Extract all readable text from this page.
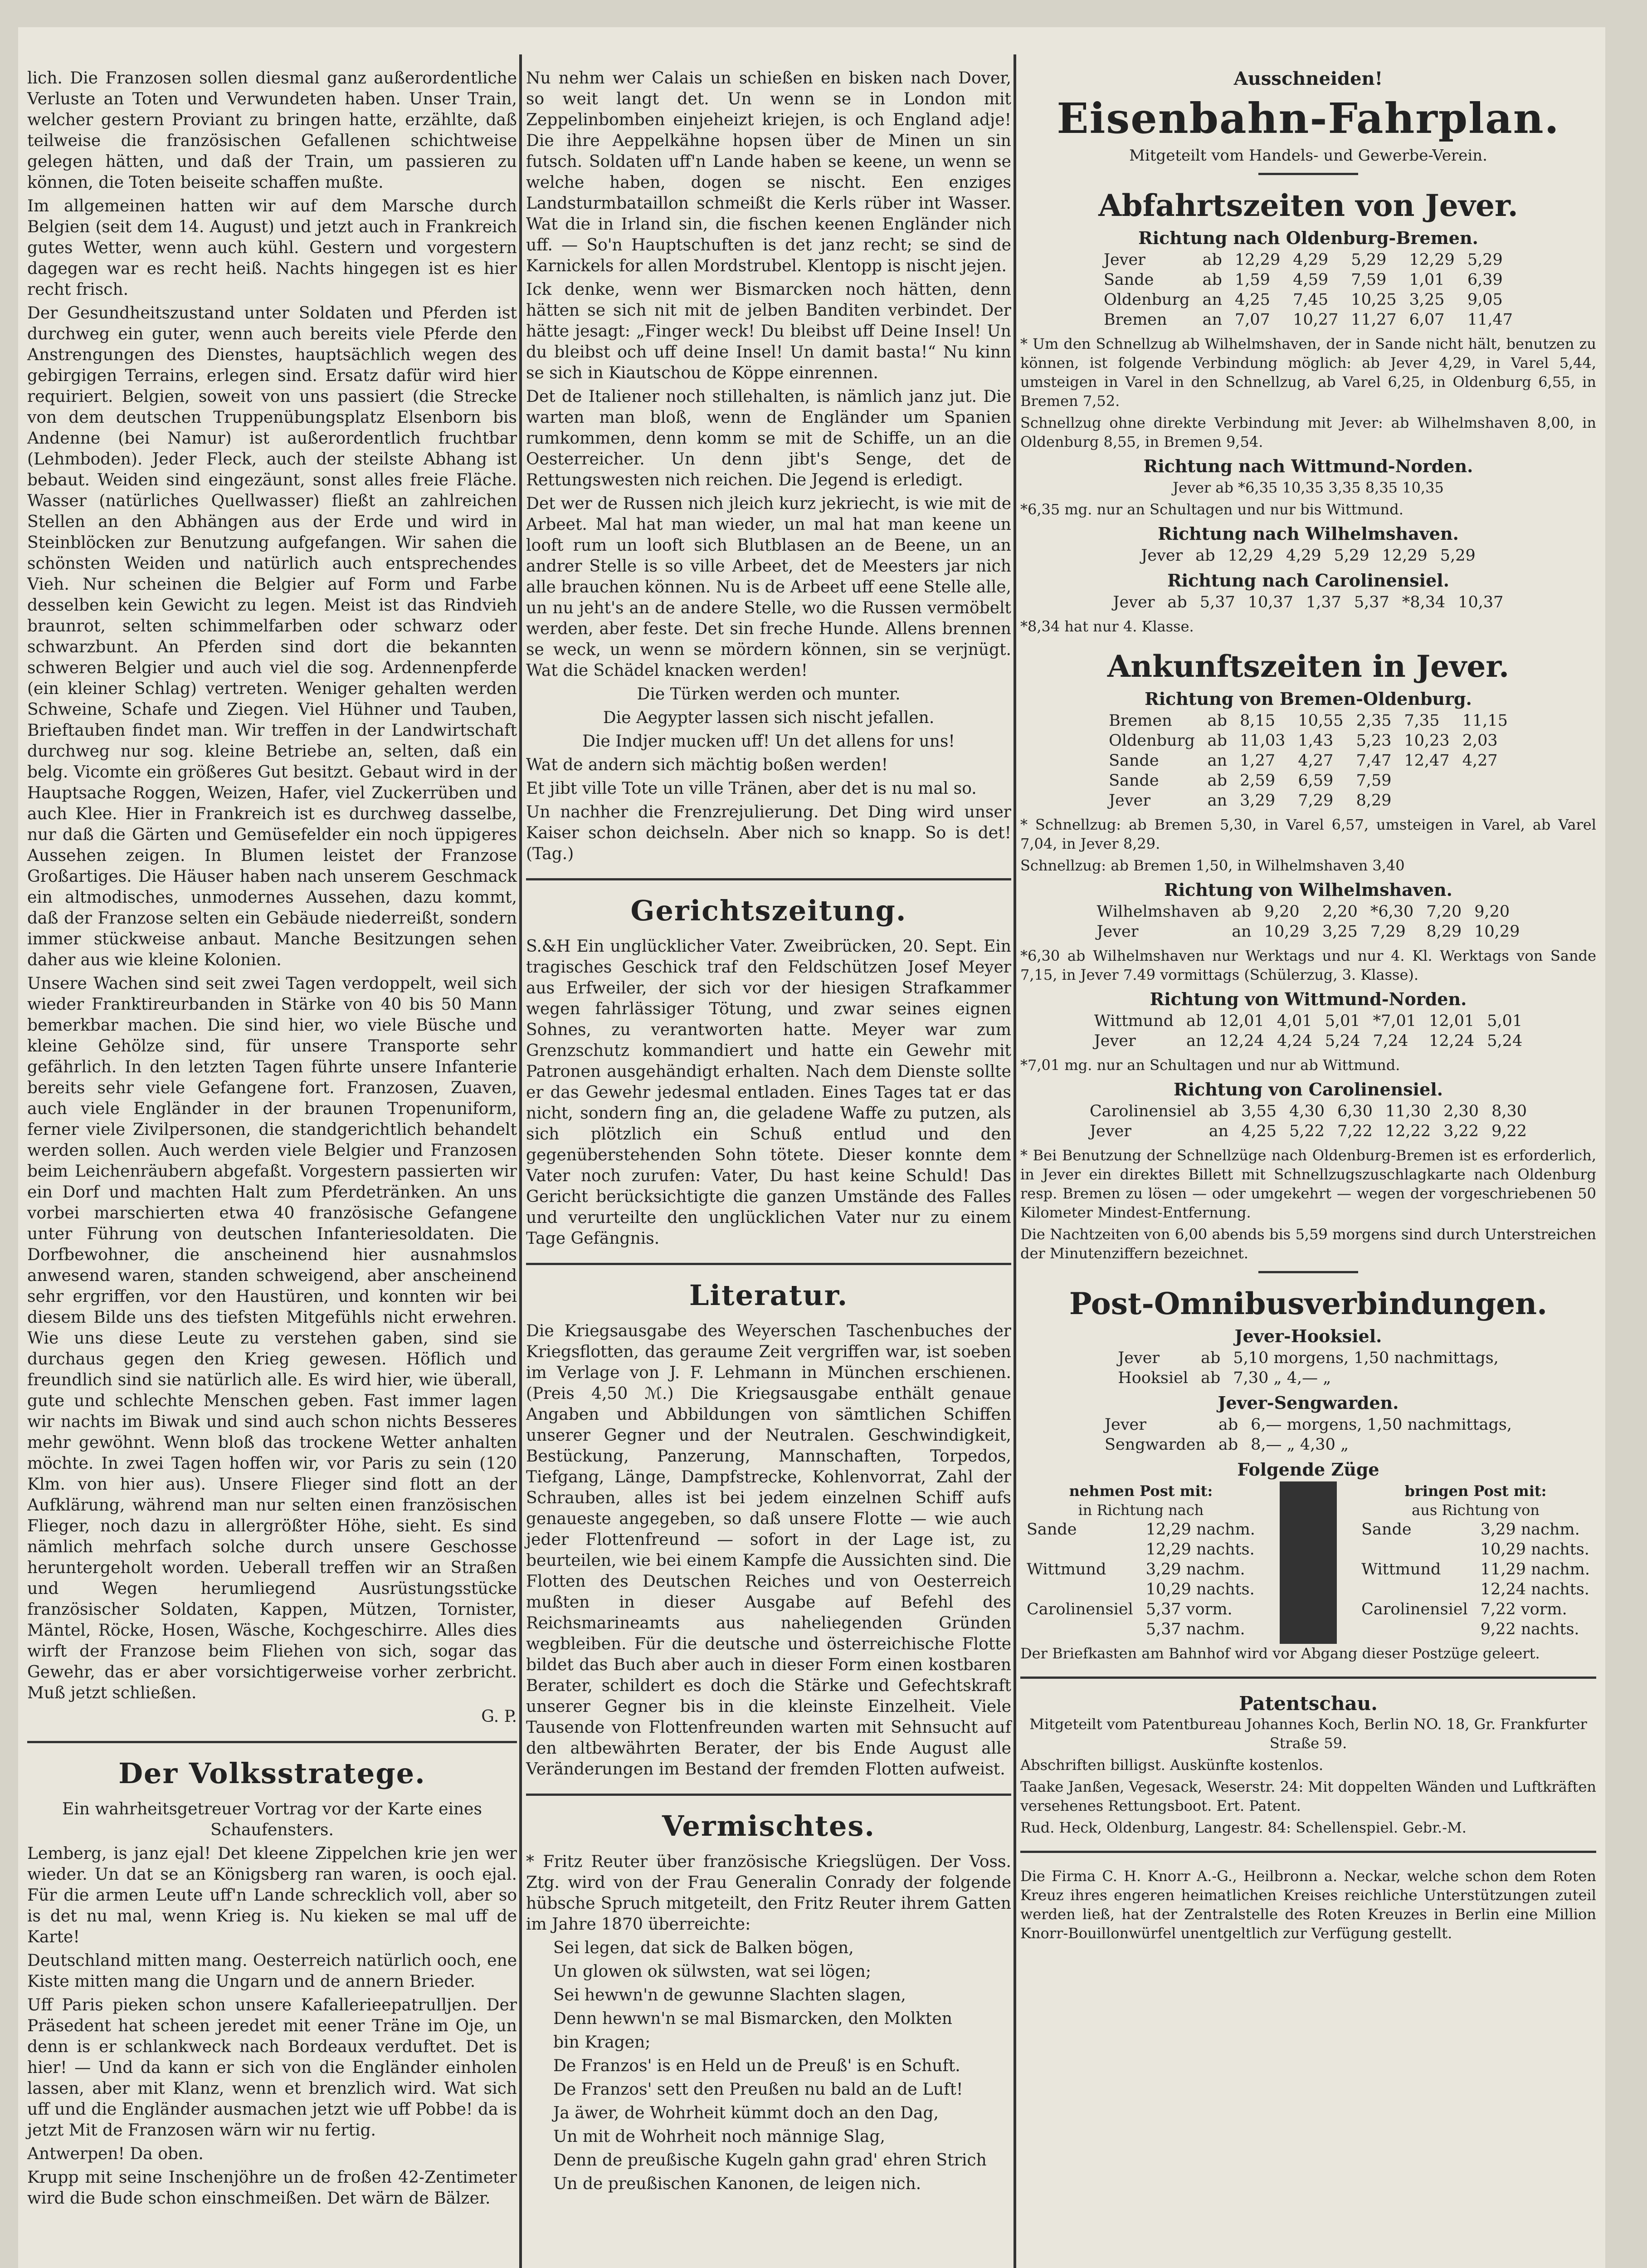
lich. Die Franzosen sollen diesmal ganz außerordentliche Verluste an Toten und Verwundeten haben. Unser Train, welcher gestern Proviant zu bringen hatte, erzählte, daß teilweise die französischen Gefallenen schichtweise gelegen hätten, und daß der Train, um passieren zu können, die Toten beiseite schaffen mußte.

Im allgemeinen hatten wir auf dem Marsche durch Belgien (seit dem 14. August) und jetzt auch in Frankreich gutes Wetter, wenn auch kühl. Gestern und vorgestern dagegen war es recht heiß. Nachts hingegen ist es hier recht frisch.

Der Gesundheitszustand unter Soldaten und Pferden ist durchweg ein guter, wenn auch bereits viele Pferde den Anstrengungen des Dienstes, hauptsächlich wegen des gebirgigen Terrains, erlegen sind. Ersatz dafür wird hier requiriert. Belgien, soweit von uns passiert (die Strecke von dem deutschen Truppenübungsplatz Elsenborn bis Andenne (bei Namur) ist außerordentlich fruchtbar (Lehmboden). Jeder Fleck, auch der steilste Abhang ist bebaut. Weiden sind eingezäunt, sonst alles freie Fläche. Wasser (natürliches Quellwasser) fließt an zahlreichen Stellen an den Abhängen aus der Erde und wird in Steinblöcken zur Benutzung aufgefangen. Wir sahen die schönsten Weiden und natürlich auch entsprechendes Vieh. Nur scheinen die Belgier auf Form und Farbe desselben kein Gewicht zu legen. Meist ist das Rindvieh braunrot, selten schimmelfarben oder schwarz oder schwarzbunt. An Pferden sind dort die bekannten schweren Belgier und auch viel die sog. Ardennenpferde (ein kleiner Schlag) vertreten. Weniger gehalten werden Schweine, Schafe und Ziegen. Viel Hühner und Tauben, Brieftauben findet man. Wir treffen in der Landwirtschaft durchweg nur sog. kleine Betriebe an, selten, daß ein belg. Vicomte ein größeres Gut besitzt. Gebaut wird in der Hauptsache Roggen, Weizen, Hafer, viel Zuckerrüben und auch Klee. Hier in Frankreich ist es durchweg dasselbe, nur daß die Gärten und Gemüsefelder ein noch üppigeres Aussehen zeigen. In Blumen leistet der Franzose Großartiges. Die Häuser haben nach unserem Geschmack ein altmodisches, unmodernes Aussehen, dazu kommt, daß der Franzose selten ein Gebäude niederreißt, sondern immer stückweise anbaut. Manche Besitzungen sehen daher aus wie kleine Kolonien.

Unsere Wachen sind seit zwei Tagen verdoppelt, weil sich wieder Franktireurbanden in Stärke von 40 bis 50 Mann bemerkbar machen. Die sind hier, wo viele Büsche und kleine Gehölze sind, für unsere Transporte sehr gefährlich. In den letzten Tagen führte unsere Infanterie bereits sehr viele Gefangene fort. Franzosen, Zuaven, auch viele Engländer in der braunen Tropenuniform, ferner viele Zivilpersonen, die standgerichtlich behandelt werden sollen. Auch werden viele Belgier und Franzosen beim Leichenräubern abgefaßt. Vorgestern passierten wir ein Dorf und machten Halt zum Pferdetränken. An uns vorbei marschierten etwa 40 französische Gefangene unter Führung von deutschen Infanteriesoldaten. Die Dorfbewohner, die anscheinend hier ausnahmslos anwesend waren, standen schweigend, aber anscheinend sehr ergriffen, vor den Haustüren, und konnten wir bei diesem Bilde uns des tiefsten Mitgefühls nicht erwehren. Wie uns diese Leute zu verstehen gaben, sind sie durchaus gegen den Krieg gewesen. Höflich und freundlich sind sie natürlich alle. Es wird hier, wie überall, gute und schlechte Menschen geben. Fast immer lagen wir nachts im Biwak und sind auch schon nichts Besseres mehr gewöhnt. Wenn bloß das trockene Wetter anhalten möchte. In zwei Tagen hoffen wir, vor Paris zu sein (120 Klm. von hier aus). Unsere Flieger sind flott an der Aufklärung, während man nur selten einen französischen Flieger, noch dazu in allergrößter Höhe, sieht. Es sind nämlich mehrfach solche durch unsere Geschosse heruntergeholt worden. Ueberall treffen wir an Straßen und Wegen herumliegend Ausrüstungsstücke französischer Soldaten, Kappen, Mützen, Tornister, Mäntel, Röcke, Hosen, Wäsche, Kochgeschirre. Alles dies wirft der Franzose beim Fliehen von sich, sogar das Gewehr, das er aber vorsichtigerweise vorher zerbricht. Muß jetzt schließen.

G. P.

Der Volksstratege.

Ein wahrheitsgetreuer Vortrag vor der Karte eines Schaufensters.

Lemberg, is janz ejal! Det kleene Zippelchen krie jen wer wieder. Un dat se an Königsberg ran waren, is ooch ejal. Für die armen Leute uff'n Lande schrecklich voll, aber so is det nu mal, wenn Krieg is. Nu kieken se mal uff de Karte!

Deutschland mitten mang. Oesterreich natürlich ooch, ene Kiste mitten mang die Ungarn und de annern Brieder.

Uff Paris pieken schon unsere Kafallerieepatrulljen. Der Präsedent hat scheen jeredet mit eener Träne im Oje, un denn is er schlankweck nach Bordeaux verduftet. Det is hier! — Und da kann er sich von die Engländer einholen lassen, aber mit Klanz, wenn et brenzlich wird. Wat sich uff und die Engländer ausmachen jetzt wie uff Pobbe! da is jetzt Mit de Franzosen wärn wir nu fertig.

Antwerpen! Da oben.

Krupp mit seine Inschenjöhre un de froßen 42-Zentimeter wird die Bude schon einschmeißen. Det wärn de Bälzer.

Nu nehm wer Calais un schießen en bisken nach Dover, so weit langt det. Un wenn se in London mit Zeppelinbomben einjeheizt kriejen, is och England adje! Die ihre Aeppelkähne hopsen über de Minen un sin futsch. Soldaten uff'n Lande haben se keene, un wenn se welche haben, dogen se nischt. Een enziges Landsturmbataillon schmeißt die Kerls rüber int Wasser. Wat die in Irland sin, die fischen keenen Engländer nich uff. — So'n Hauptschuften is det janz recht; se sind de Karnickels for allen Mordstrubel. Klentopp is nischt jejen.

Ick denke, wenn wer Bismarcken noch hätten, denn hätten se sich nit mit de jelben Banditen verbindet. Der hätte jesagt: „Finger weck! Du bleibst uff Deine Insel! Un du bleibst och uff deine Insel! Un damit basta!“ Nu kinn se sich in Kiautschou de Köppe einrennen.

Det de Italiener noch stillehalten, is nämlich janz jut. Die warten man bloß, wenn de Engländer um Spanien rumkommen, denn komm se mit de Schiffe, un an die Oesterreicher. Un denn jibt's Senge, det de Rettungswesten nich reichen. Die Jegend is erledigt.

Det wer de Russen nich jleich kurz jekriecht, is wie mit de Arbeet. Mal hat man wieder, un mal hat man keene un looft rum un looft sich Blutblasen an de Beene, un an andrer Stelle is so ville Arbeet, det de Meesters jar nich alle brauchen können. Nu is de Arbeet uff eene Stelle alle, un nu jeht's an de andere Stelle, wo die Russen vermöbelt werden, aber feste. Det sin freche Hunde. Allens brennen se weck, un wenn se mördern können, sin se verjnügt. Wat die Schädel knacken werden!

Die Türken werden och munter.

Die Aegypter lassen sich nischt jefallen.

Die Indjer mucken uff! Un det allens for uns!

Wat de andern sich mächtig boßen werden!

Et jibt ville Tote un ville Tränen, aber det is nu mal so.

Un nachher die Frenzrejulierung. Det Ding wird unser Kaiser schon deichseln. Aber nich so knapp. So is det! (Tag.)

Gerichtszeitung.

S.&H Ein unglücklicher Vater. Zweibrücken, 20. Sept. Ein tragisches Geschick traf den Feldschützen Josef Meyer aus Erfweiler, der sich vor der hiesigen Strafkammer wegen fahrlässiger Tötung, und zwar seines eignen Sohnes, zu verantworten hatte. Meyer war zum Grenzschutz kommandiert und hatte ein Gewehr mit Patronen ausgehändigt erhalten. Nach dem Dienste sollte er das Gewehr jedesmal entladen. Eines Tages tat er das nicht, sondern fing an, die geladene Waffe zu putzen, als sich plötzlich ein Schuß entlud und den gegenüberstehenden Sohn tötete. Dieser konnte dem Vater noch zurufen: Vater, Du hast keine Schuld! Das Gericht berücksichtigte die ganzen Umstände des Falles und verurteilte den unglücklichen Vater nur zu einem Tage Gefängnis.

Literatur.

Die Kriegsausgabe des Weyerschen Taschenbuches der Kriegsflotten, das geraume Zeit vergriffen war, ist soeben im Verlage von J. F. Lehmann in München erschienen. (Preis 4,50 ℳ.) Die Kriegsausgabe enthält genaue Angaben und Abbildungen von sämtlichen Schiffen unserer Gegner und der Neutralen. Geschwindigkeit, Bestückung, Panzerung, Mannschaften, Torpedos, Tiefgang, Länge, Dampfstrecke, Kohlenvorrat, Zahl der Schrauben, alles ist bei jedem einzelnen Schiff aufs genaueste angegeben, so daß unsere Flotte — wie auch jeder Flottenfreund — sofort in der Lage ist, zu beurteilen, wie bei einem Kampfe die Aussichten sind. Die Flotten des Deutschen Reiches und von Oesterreich mußten in dieser Ausgabe auf Befehl des Reichsmarineamts aus naheliegenden Gründen wegbleiben. Für die deutsche und österreichische Flotte bildet das Buch aber auch in dieser Form einen kostbaren Berater, schildert es doch die Stärke und Gefechtskraft unserer Gegner bis in die kleinste Einzelheit. Viele Tausende von Flottenfreunden warten mit Sehnsucht auf den altbewährten Berater, der bis Ende August alle Veränderungen im Bestand der fremden Flotten aufweist.

Vermischtes.

* Fritz Reuter über französische Kriegslügen. Der Voss. Ztg. wird von der Frau Generalin Conrady der folgende hübsche Spruch mitgeteilt, den Fritz Reuter ihrem Gatten im Jahre 1870 überreichte:

Sei legen, dat sick de Balken bögen,

Un glowen ok sülwsten, wat sei lögen;

Sei hewwn'n de gewunne Slachten slagen,

Denn hewwn'n se mal Bismarcken, den Molkten

bin Kragen;

De Franzos' is en Held un de Preuß' is en Schuft.

De Franzos' sett den Preußen nu bald an de Luft!

Ja äwer, de Wohrheit kümmt doch an den Dag,

Un mit de Wohrheit noch männige Slag,

Denn de preußische Kugeln gahn grad' ehren Strich

Un de preußischen Kanonen, de leigen nich.

Ausschneiden!
Eisenbahn-Fahrplan.
Mitgeteilt vom Handels- und Gewerbe-Verein.
Abfahrtszeiten von Jever.
Richtung nach Oldenburg-Bremen.
Jever	ab	12,29	4,29	5,29	12,29	5,29
Sande	ab	1,59	4,59	7,59	1,01	6,39
Oldenburg	an	4,25	7,45	10,25	3,25	9,05
Bremen	an	7,07	10,27	11,27	6,07	11,47

* Um den Schnellzug ab Wilhelmshaven, der in Sande nicht hält, benutzen zu können, ist folgende Verbindung möglich: ab Jever 4,29, in Varel 5,44, umsteigen in Varel in den Schnellzug, ab Varel 6,25, in Oldenburg 6,55, in Bremen 7,52.

Schnellzug ohne direkte Verbindung mit Jever: ab Wilhelmshaven 8,00, in Oldenburg 8,55, in Bremen 9,54.

Richtung nach Wittmund-Norden.

Jever ab *6,35 10,35 3,35 8,35 10,35

*6,35 mg. nur an Schultagen und nur bis Wittmund.

Richtung nach Wilhelmshaven.
Jever	ab	12,29	4,29	5,29	12,29	5,29
Richtung nach Carolinensiel.
Jever	ab	5,37	10,37	1,37	5,37	*8,34	10,37

*8,34 hat nur 4. Klasse.

Ankunftszeiten in Jever.
Richtung von Bremen-Oldenburg.
Bremen	ab	8,15	10,55	2,35	7,35	11,15
Oldenburg	ab	11,03	1,43	5,23	10,23	2,03
Sande	an	1,27	4,27	7,47	12,47	4,27
Sande	ab	2,59	6,59	7,59		
Jever	an	3,29	7,29	8,29		

* Schnellzug: ab Bremen 5,30, in Varel 6,57, umsteigen in Varel, ab Varel 7,04, in Jever 8,29.

Schnellzug: ab Bremen 1,50, in Wilhelmshaven 3,40

Richtung von Wilhelmshaven.
Wilhelmshaven	ab	9,20	2,20	*6,30	7,20	9,20
Jever	an	10,29	3,25	7,29	8,29	10,29

*6,30 ab Wilhelmshaven nur Werktags und nur 4. Kl. Werktags von Sande 7,15, in Jever 7.49 vormittags (Schülerzug, 3. Klasse).

Richtung von Wittmund-Norden.
Wittmund	ab	12,01	4,01	5,01	*7,01	12,01	5,01
Jever	an	12,24	4,24	5,24	7,24	12,24	5,24

*7,01 mg. nur an Schultagen und nur ab Wittmund.

Richtung von Carolinensiel.
Carolinensiel	ab	3,55	4,30	6,30	11,30	2,30	8,30
Jever	an	4,25	5,22	7,22	12,22	3,22	9,22

* Bei Benutzung der Schnellzüge nach Oldenburg-Bremen ist es erforderlich, in Jever ein direktes Billett mit Schnellzugszuschlagkarte nach Oldenburg resp. Bremen zu lösen — oder umgekehrt — wegen der vorgeschriebenen 50 Kilometer Mindest-Entfernung.

Die Nachtzeiten von 6,00 abends bis 5,59 morgens sind durch Unterstreichen der Minutenziffern bezeichnet.

Post-Omnibusverbindungen.
Jever-Hooksiel.
Jever	ab	5,10 morgens, 1,50 nachmittags,
Hooksiel	ab	7,30 „ 4,— „
Jever-Sengwarden.
Jever	ab	6,— morgens, 1,50 nachmittags,
Sengwarden	ab	8,— „ 4,30 „
Folgende Züge
nehmen Post mit:
in Richtung nach
Sande	12,29 nachm.
	12,29 nachts.
Wittmund	3,29 nachm.
	10,29 nachts.
Carolinensiel	5,37 vorm.
	5,37 nachm.
bringen Post mit:
aus Richtung von
Sande	3,29 nachm.
	10,29 nachts.
Wittmund	11,29 nachm.
	12,24 nachts.
Carolinensiel	7,22 vorm.
	9,22 nachts.

Der Briefkasten am Bahnhof wird vor Abgang dieser Postzüge geleert.

Patentschau.

Mitgeteilt vom Patentbureau Johannes Koch, Berlin NO. 18, Gr. Frankfurter Straße 59.

Abschriften billigst. Auskünfte kostenlos.

Taake Janßen, Vegesack, Weserstr. 24: Mit doppelten Wänden und Luftkräften versehenes Rettungsboot. Ert. Patent.

Rud. Heck, Oldenburg, Langestr. 84: Schellenspiel. Gebr.-M.

Die Firma C. H. Knorr A.-G., Heilbronn a. Neckar, welche schon dem Roten Kreuz ihres engeren heimatlichen Kreises reichliche Unterstützungen zuteil werden ließ, hat der Zentralstelle des Roten Kreuzes in Berlin eine Million Knorr-Bouillonwürfel unentgeltlich zur Verfügung gestellt.
